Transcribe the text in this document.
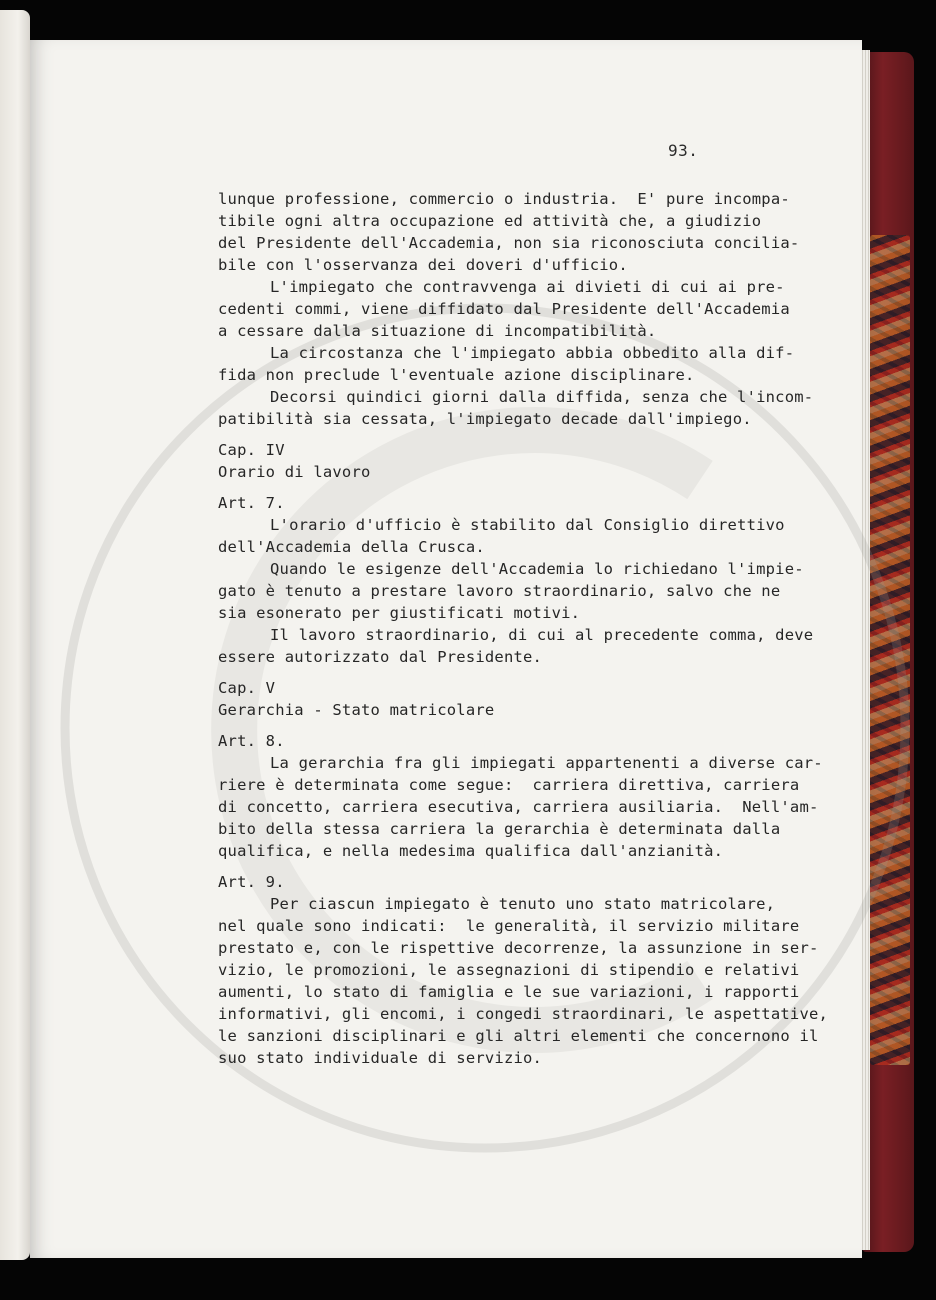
93.
lunque professione, commercio o industria.  E' pure incompa-
tibile ogni altra occupazione ed attività che, a giudizio
del Presidente dell'Accademia, non sia riconosciuta concilia-
bile con l'osservanza dei doveri d'ufficio.
L'impiegato che contravvenga ai divieti di cui ai pre-
cedenti commi, viene diffidato dal Presidente dell'Accademia
a cessare dalla situazione di incompatibilità.
La circostanza che l'impiegato abbia obbedito alla dif-
fida non preclude l'eventuale azione disciplinare.
Decorsi quindici giorni dalla diffida, senza che l'incom-
patibilità sia cessata, l'impiegato decade dall'impiego.
Cap. IV
Orario di lavoro
Art. 7.
L'orario d'ufficio è stabilito dal Consiglio direttivo
dell'Accademia della Crusca.
Quando le esigenze dell'Accademia lo richiedano l'impie-
gato è tenuto a prestare lavoro straordinario, salvo che ne
sia esonerato per giustificati motivi.
Il lavoro straordinario, di cui al precedente comma, deve
essere autorizzato dal Presidente.
Cap. V
Gerarchia - Stato matricolare
Art. 8.
La gerarchia fra gli impiegati appartenenti a diverse car-
riere è determinata come segue:  carriera direttiva, carriera
di concetto, carriera esecutiva, carriera ausiliaria.  Nell'am-
bito della stessa carriera la gerarchia è determinata dalla
qualifica, e nella medesima qualifica dall'anzianità.
Art. 9.
Per ciascun impiegato è tenuto uno stato matricolare,
nel quale sono indicati:  le generalità, il servizio militare
prestato e, con le rispettive decorrenze, la assunzione in ser-
vizio, le promozioni, le assegnazioni di stipendio e relativi
aumenti, lo stato di famiglia e le sue variazioni, i rapporti
informativi, gli encomi, i congedi straordinari, le aspettative,
le sanzioni disciplinari e gli altri elementi che concernono il
suo stato individuale di servizio.
